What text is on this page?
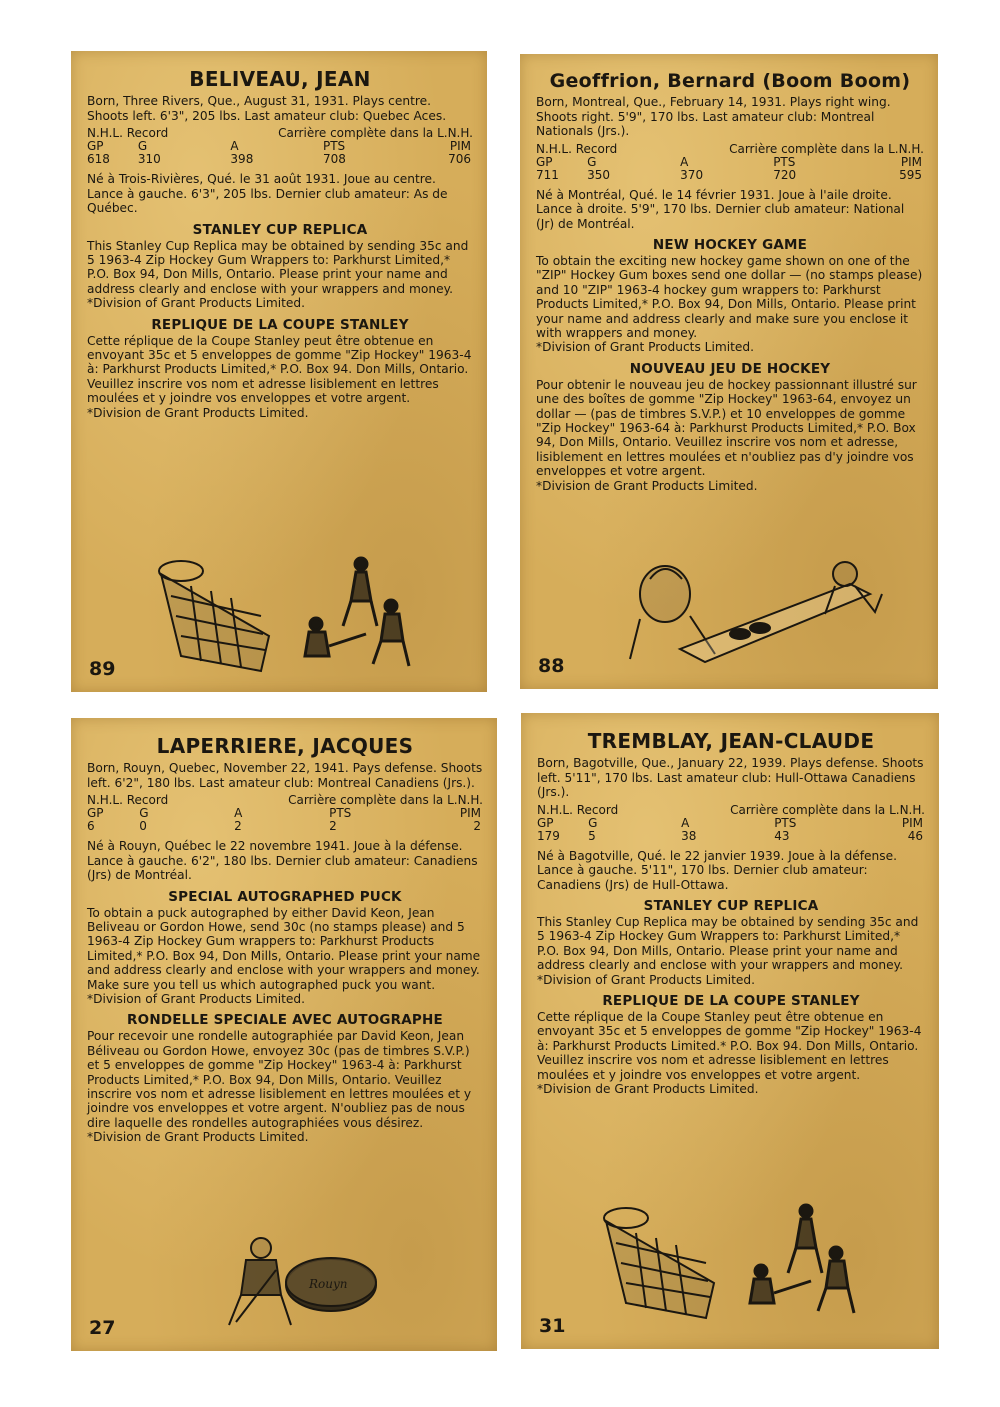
BELIVEAU, JEAN

Born, Three Rivers, Que., August 31, 1931. Plays centre. Shoots left. 6'3", 205 lbs. Last amateur club: Quebec Aces.

N.H.L. Record	Carrière complète dans la L.N.H.
GP	G	A	PTS	PIM
618	310	398	708	706

Né à Trois-Rivières, Qué. le 31 août 1931. Joue au centre. Lance à gauche. 6'3", 205 lbs. Dernier club amateur: As de Québec.

STANLEY CUP REPLICA

This Stanley Cup Replica may be obtained by sending 35c and 5 1963-4 Zip Hockey Gum Wrappers to: Parkhurst Limited,* P.O. Box 94, Don Mills, Ontario. Please print your name and address clearly and enclose with your wrappers and money.

*Division of Grant Products Limited.

REPLIQUE DE LA COUPE STANLEY

Cette réplique de la Coupe Stanley peut être obtenue en envoyant 35c et 5 enveloppes de gomme "Zip Hockey" 1963-4 à: Parkhurst Products Limited,* P.O. Box 94. Don Mills, Ontario. Veuillez inscrire vos nom et adresse lisiblement en lettres moulées et y joindre vos enveloppes et votre argent.

*Division de Grant Products Limited.

89
Geoffrion, Bernard (Boom Boom)

Born, Montreal, Que., February 14, 1931. Plays right wing. Shoots right. 5'9", 170 lbs. Last amateur club: Montreal Nationals (Jrs.).

N.H.L. Record	Carrière complète dans la L.N.H.
GP	G	A	PTS	PIM
711	350	370	720	595

Né à Montréal, Qué. le 14 février 1931. Joue à l'aile droite. Lance à droite. 5'9", 170 lbs. Dernier club amateur: National (Jr) de Montréal.

NEW HOCKEY GAME

To obtain the exciting new hockey game shown on one of the "ZIP" Hockey Gum boxes send one dollar — (no stamps please) and 10 "ZIP" 1963-4 hockey gum wrappers to: Parkhurst Products Limited,* P.O. Box 94, Don Mills, Ontario. Please print your name and address clearly and make sure you enclose it with wrappers and money.

*Division of Grant Products Limited.

NOUVEAU JEU DE HOCKEY

Pour obtenir le nouveau jeu de hockey passionnant illustré sur une des boîtes de gomme "Zip Hockey" 1963-64, envoyez un dollar — (pas de timbres S.V.P.) et 10 enveloppes de gomme "Zip Hockey" 1963-64 à: Parkhurst Products Limited,* P.O. Box 94, Don Mills, Ontario. Veuillez inscrire vos nom et adresse, lisiblement en lettres moulées et n'oubliez pas d'y joindre vos enveloppes et votre argent.

*Division de Grant Products Limited.

88
LAPERRIERE, JACQUES

Born, Rouyn, Quebec, November 22, 1941. Pays defense. Shoots left. 6'2", 180 lbs. Last amateur club: Montreal Canadiens (Jrs.).

N.H.L. Record	Carrière complète dans la L.N.H.
GP	G	A	PTS	PIM
6	0	2	2	2

Né à Rouyn, Québec le 22 novembre 1941. Joue à la défense. Lance à gauche. 6'2", 180 lbs. Dernier club amateur: Canadiens (Jrs) de Montréal.

SPECIAL AUTOGRAPHED PUCK

To obtain a puck autographed by either David Keon, Jean Beliveau or Gordon Howe, send 30c (no stamps please) and 5 1963-4 Zip Hockey Gum wrappers to: Parkhurst Products Limited,* P.O. Box 94, Don Mills, Ontario. Please print your name and address clearly and enclose with your wrappers and money. Make sure you tell us which autographed puck you want.

*Division of Grant Products Limited.

RONDELLE SPECIALE AVEC AUTOGRAPHE

Pour recevoir une rondelle autographiée par David Keon, Jean Béliveau ou Gordon Howe, envoyez 30c (pas de timbres S.V.P.) et 5 enveloppes de gomme "Zip Hockey" 1963-4 à: Parkhurst Products Limited,* P.O. Box 94, Don Mills, Ontario. Veuillez inscrire vos nom et adresse lisiblement en lettres moulées et y joindre vos enveloppes et votre argent. N'oubliez pas de nous dire laquelle des rondelles autographiées vous désirez.

*Division de Grant Products Limited.

Rouyn
27
TREMBLAY, JEAN-CLAUDE

Born, Bagotville, Que., January 22, 1939. Plays defense. Shoots left. 5'11", 170 lbs. Last amateur club: Hull-Ottawa Canadiens (Jrs.).

N.H.L. Record	Carrière complète dans la L.N.H.
GP	G	A	PTS	PIM
179	5	38	43	46

Né à Bagotville, Qué. le 22 janvier 1939. Joue à la défense. Lance à gauche. 5'11", 170 lbs. Dernier club amateur: Canadiens (Jrs) de Hull-Ottawa.

STANLEY CUP REPLICA

This Stanley Cup Replica may be obtained by sending 35c and 5 1963-4 Zip Hockey Gum Wrappers to: Parkhurst Limited,* P.O. Box 94, Don Mills, Ontario. Please print your name and address clearly and enclose with your wrappers and money.

*Division of Grant Products Limited.

REPLIQUE DE LA COUPE STANLEY

Cette réplique de la Coupe Stanley peut être obtenue en envoyant 35c et 5 enveloppes de gomme "Zip Hockey" 1963-4 à: Parkhurst Products Limited.* P.O. Box 94. Don Mills, Ontario. Veuillez inscrire vos nom et adresse lisiblement en lettres moulées et y joindre vos enveloppes et votre argent.

*Division de Grant Products Limited.

31
